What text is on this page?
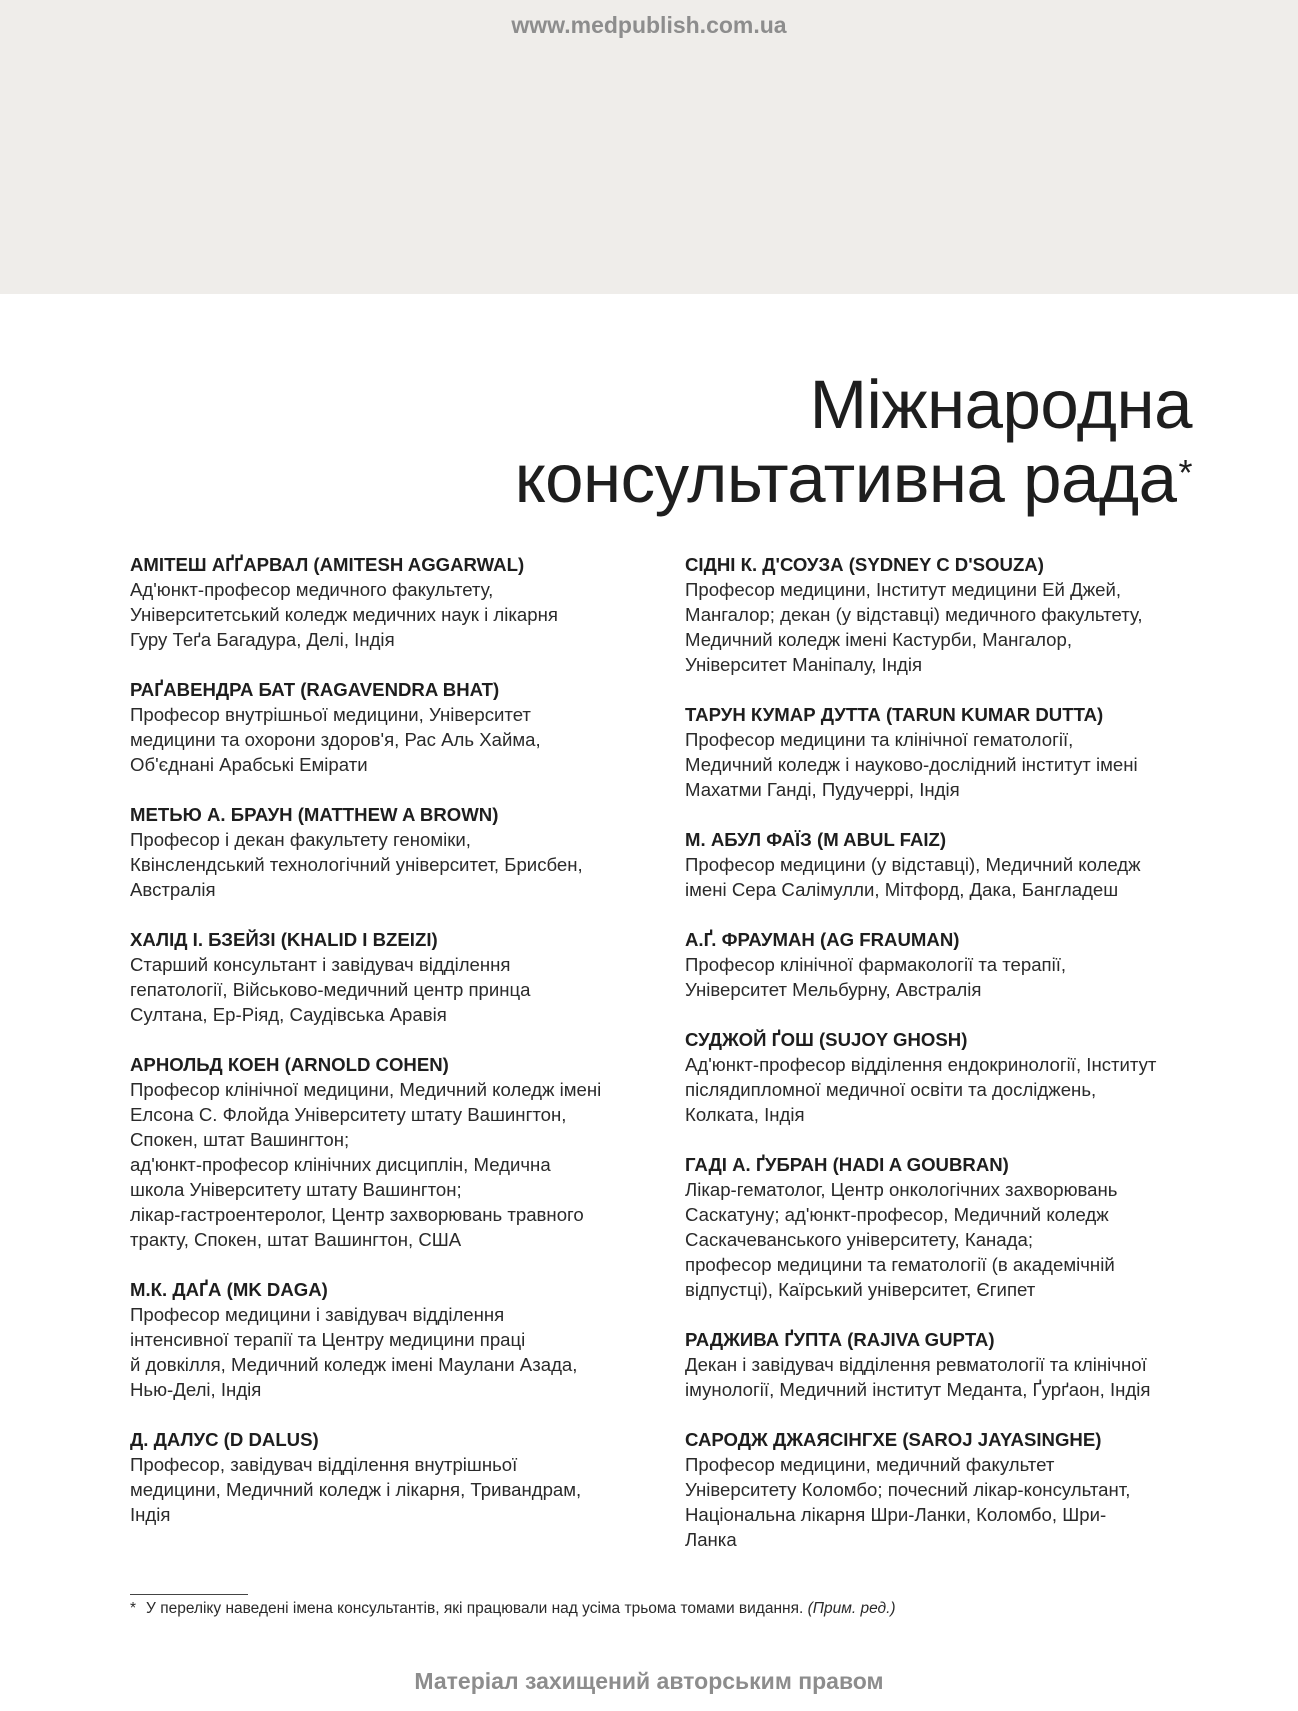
www.medpublish.com.ua
Міжнародна
консультативна рада*
АМІТЕШ АҐҐАРВАЛ (AMITESH AGGARWAL)
Ад'юнкт-професор медичного факультету,
Університетський коледж медичних наук і лікарня
Гуру Теґа Багадура, Делі, Індія
РАҐАВЕНДРА БАТ (RAGAVENDRA BHAT)
Професор внутрішньої медицини, Університет
медицини та охорони здоров'я, Рас Аль Хайма,
Об'єднані Арабські Емірати
МЕТЬЮ А. БРАУН (MATTHEW A BROWN)
Професор і декан факультету геноміки,
Квінслендський технологічний університет, Брисбен,
Австралія
ХАЛІД І. БЗЕЙЗІ (KHALID I BZEIZI)
Старший консультант і завідувач відділення
гепатології, Військово-медичний центр принца
Султана, Ер-Ріяд, Саудівська Аравія
АРНОЛЬД КОЕН (ARNOLD COHEN)
Професор клінічної медицини, Медичний коледж імені
Елсона С. Флойда Університету штату Вашингтон,
Спокен, штат Вашингтон;
ад'юнкт-професор клінічних дисциплін, Медична
школа Університету штату Вашингтон;
лікар-гастроентеролог, Центр захворювань травного
тракту, Спокен, штат Вашингтон, США
М.К. ДАҐА (MK DAGA)
Професор медицини і завідувач відділення
інтенсивної терапії та Центру медицини праці
й довкілля, Медичний коледж імені Маулани Азада,
Нью-Делі, Індія
Д. ДАЛУС (D DALUS)
Професор, завідувач відділення внутрішньої
медицини, Медичний коледж і лікарня, Тривандрам,
Індія
СІДНІ К. Д'СОУЗА (SYDNEY C D'SOUZA)
Професор медицини, Інститут медицини Ей Джей,
Мангалор; декан (у відставці) медичного факультету,
Медичний коледж імені Кастурби, Мангалор,
Університет Маніпалу, Індія
ТАРУН КУМАР ДУТТА (TARUN KUMAR DUTTA)
Професор медицини та клінічної гематології,
Медичний коледж і науково-дослідний інститут імені
Махатми Ганді, Пудучеррі, Індія
М. АБУЛ ФАЇЗ (M ABUL FAIZ)
Професор медицини (у відставці), Медичний коледж
імені Сера Салімулли, Мітфорд, Дака, Бангладеш
А.Ґ. ФРАУМАН (AG FRAUMAN)
Професор клінічної фармакології та терапії,
Університет Мельбурну, Австралія
СУДЖОЙ ҐОШ (SUJOY GHOSH)
Ад'юнкт-професор відділення ендокринології, Інститут
післядипломної медичної освіти та досліджень,
Колката, Індія
ГАДІ А. ҐУБРАН (HADI A GOUBRAN)
Лікар-гематолог, Центр онкологічних захворювань
Саскатуну; ад'юнкт-професор, Медичний коледж
Саскачеванського університету, Канада;
професор медицини та гематології (в академічній
відпустці), Каїрський університет, Єгипет
РАДЖИВА ҐУПТА (RAJIVA GUPTA)
Декан і завідувач відділення ревматології та клінічної
імунології, Медичний інститут Меданта, Ґурґаон, Індія
САРОДЖ ДЖАЯСІНГХЕ (SAROJ JAYASINGHE)
Професор медицини, медичний факультет
Університету Коломбо; почесний лікар-консультант,
Національна лікарня Шри-Ланки, Коломбо, Шри-
Ланка
* У переліку наведені імена консультантів, які працювали над усіма трьома томами видання. (Прим. ред.)
Матеріал захищений авторським правом
